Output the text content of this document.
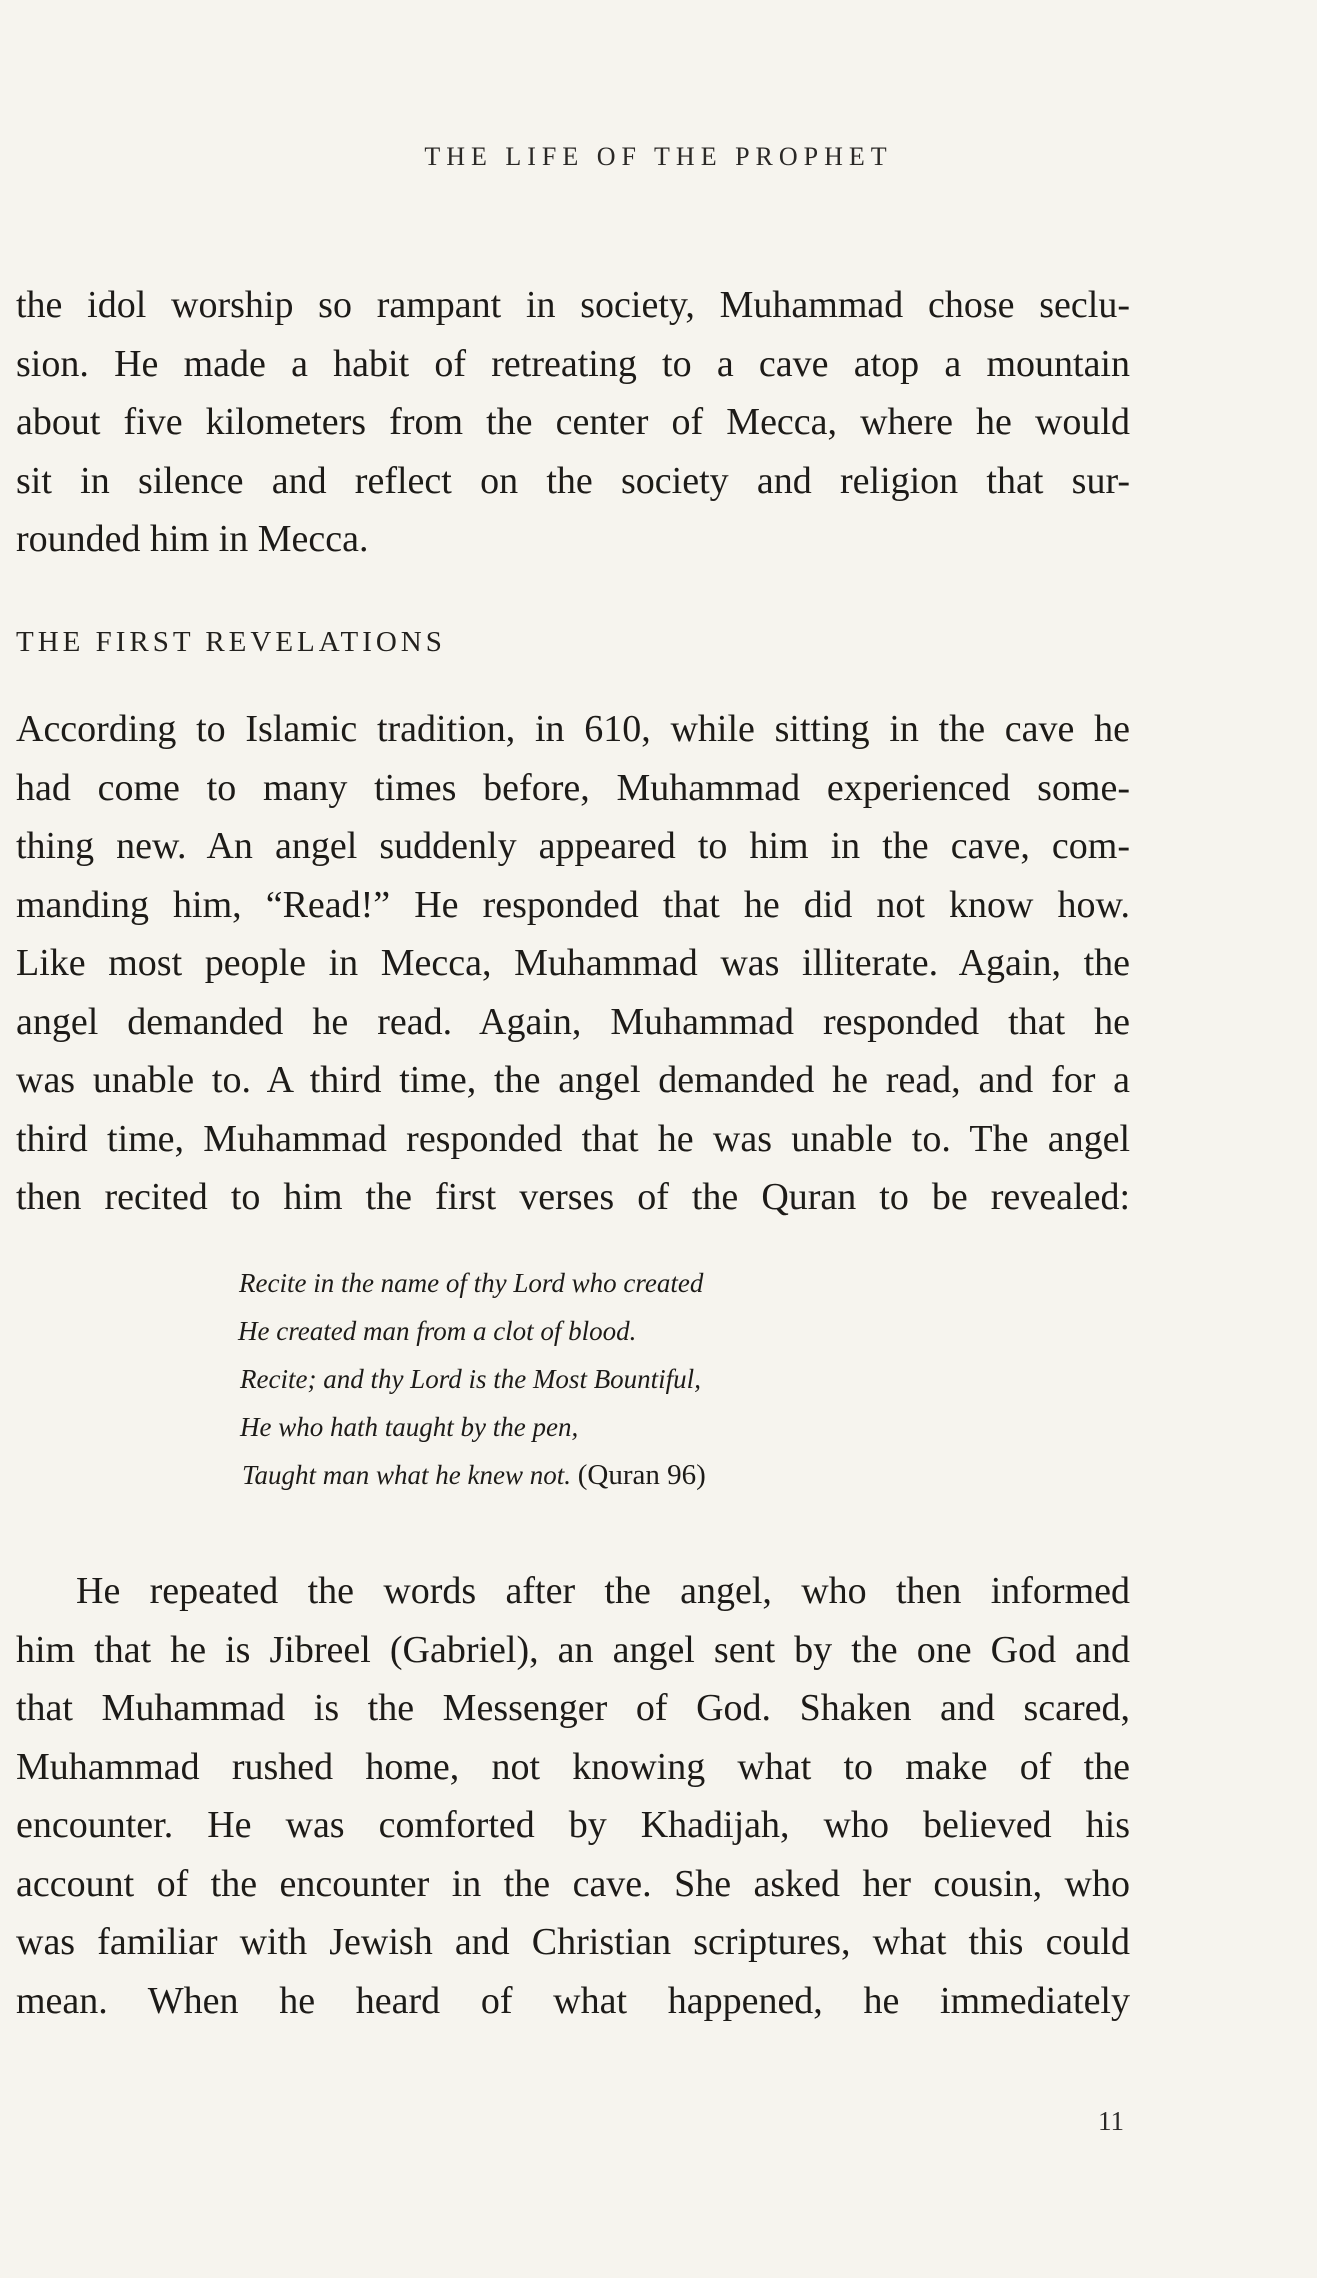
THE LIFE OF THE PROPHET
the idol worship so rampant in society, Muhammad chose seclu-
sion. He made a habit of retreating to a cave atop a mountain
about five kilometers from the center of Mecca, where he would
sit in silence and reflect on the society and religion that sur-
rounded him in Mecca.
THE FIRST REVELATIONS
According to Islamic tradition, in 610, while sitting in the cave he
had come to many times before, Muhammad experienced some-
thing new. An angel suddenly appeared to him in the cave, com-
manding him, “Read!” He responded that he did not know how.
Like most people in Mecca, Muhammad was illiterate. Again, the
angel demanded he read. Again, Muhammad responded that he
was unable to. A third time, the angel demanded he read, and for a
third time, Muhammad responded that he was unable to. The angel
then recited to him the first verses of the Quran to be revealed:
Recite in the name of thy Lord who created
He created man from a clot of blood.
Recite; and thy Lord is the Most Bountiful,
He who hath taught by the pen,
Taught man what he knew not. (Quran 96)
He repeated the words after the angel, who then informed
him that he is Jibreel (Gabriel), an angel sent by the one God and
that Muhammad is the Messenger of God. Shaken and scared,
Muhammad rushed home, not knowing what to make of the
encounter. He was comforted by Khadijah, who believed his
account of the encounter in the cave. She asked her cousin, who
was familiar with Jewish and Christian scriptures, what this could
mean. When he heard of what happened, he immediately
11
